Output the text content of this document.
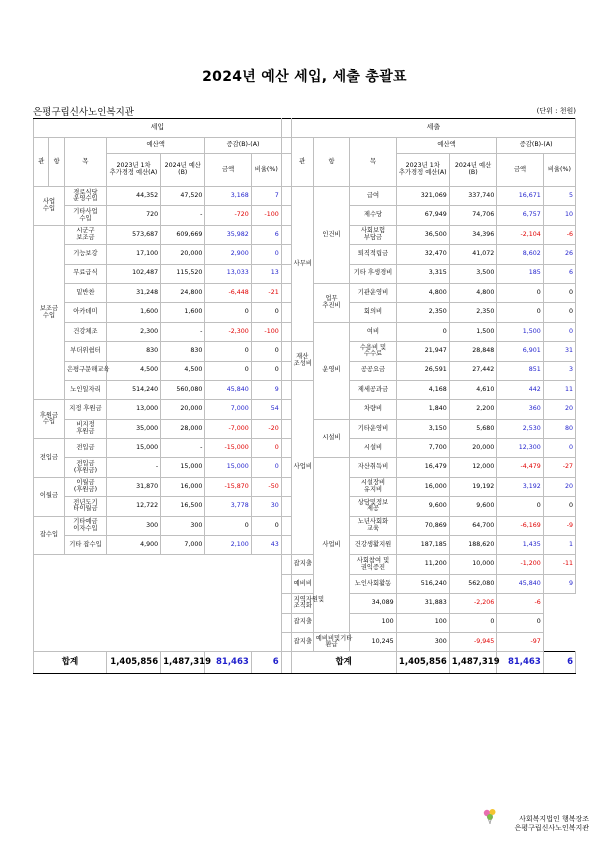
2024년 예산 세입, 세출 총괄표
은평구립신사노인복지관	(단위 : 천원)
세입								세출						
관	항	목	예산액		증감(B)-(A)			관	항	목	예산액		증감(B)-(A)	
			2023년 1차 추가경정 예산(A)	2024년 예산(B)	금액	비율(%)					2023년 1차 추가경정 예산(A)	2024년 예산(B)	금액	비율(%)
사업 수입		경로식당 운영수입	44,352	47,520	3,168	7		사무비	인건비	급여	321,069	337,740	16,671	5
		기타사업 수입	720	-	-720	-100				제수당	67,949	74,706	6,757	10
보조금 수입		시군구 보조금	573,687	609,669	35,982	6				사회보험 부담금	36,500	34,396	-2,104	-6
		기능보강	17,100	20,000	2,900	0				퇴직적립금	32,470	41,072	8,602	26
		무료급식	102,487	115,520	13,033	13				기타 후생경비	3,315	3,500	185	6
		밑반찬	31,248	24,800	-6,448	-21			업무 추진비	기관운영비	4,800	4,800	0	0
		아카데미	1,600	1,600	0	0				회의비	2,350	2,350	0	0
		건강체조	2,300	-	-2,300	-100			운영비	여비	0	1,500	1,500	0
		부더위쉼터	830	830	0	0		재산 조성비		수용비 및 수수료	21,947	28,848	6,901	31
		은평구문해교육	4,500	4,500	0	0				공공요금	26,591	27,442	851	3
		노인일자리	514,240	560,080	45,840	9		사업비		제세공과금	4,168	4,610	442	11
후원금 수입		지정 후원금	13,000	20,000	7,000	54				차량비	1,840	2,200	360	20
		비지정 후원금	35,000	28,000	-7,000	-20			시설비	기타운영비	3,150	5,680	2,530	80
전입금		전입금	15,000	-	-15,000	0				시설비	7,700	20,000	12,300	0
		전입금 (후원금)	-	15,000	15,000	0			사업비	자산취득비	16,479	12,000	-4,479	-27
이월금		이월금 (후원금)	31,870	16,000	-15,870	-50				시설장비 유지비	16,000	19,192	3,192	20
		전년도기 타이월금	12,722	16,500	3,778	30				상담및정보 제공	9,600	9,600	0	0
잡수입		기타예금 이자수입	300	300	0	0				노년사회화 교육	70,869	64,700	-6,169	-9
		기타 잡수입	4,900	7,000	2,100	43				건강생활지원	187,185	188,620	1,435	1
								잡지출		사회참여 및 권익증진	11,200	10,000	-1,200	-11
								예비비		노인사회활동	516,240	562,080	45,840	9
								지역자원및 조직화		34,089	31,883	-2,206	-6	
								잡지출		100	100	0	0	
								잡지출	예비비및기타 환급	10,245	300	-9,945	-97	
합계			1,405,856	1,487,319	81,463	6		합계			1,405,856	1,487,319	81,463	6
사회복지법인 행복장조
은평구립신사노인복지관
